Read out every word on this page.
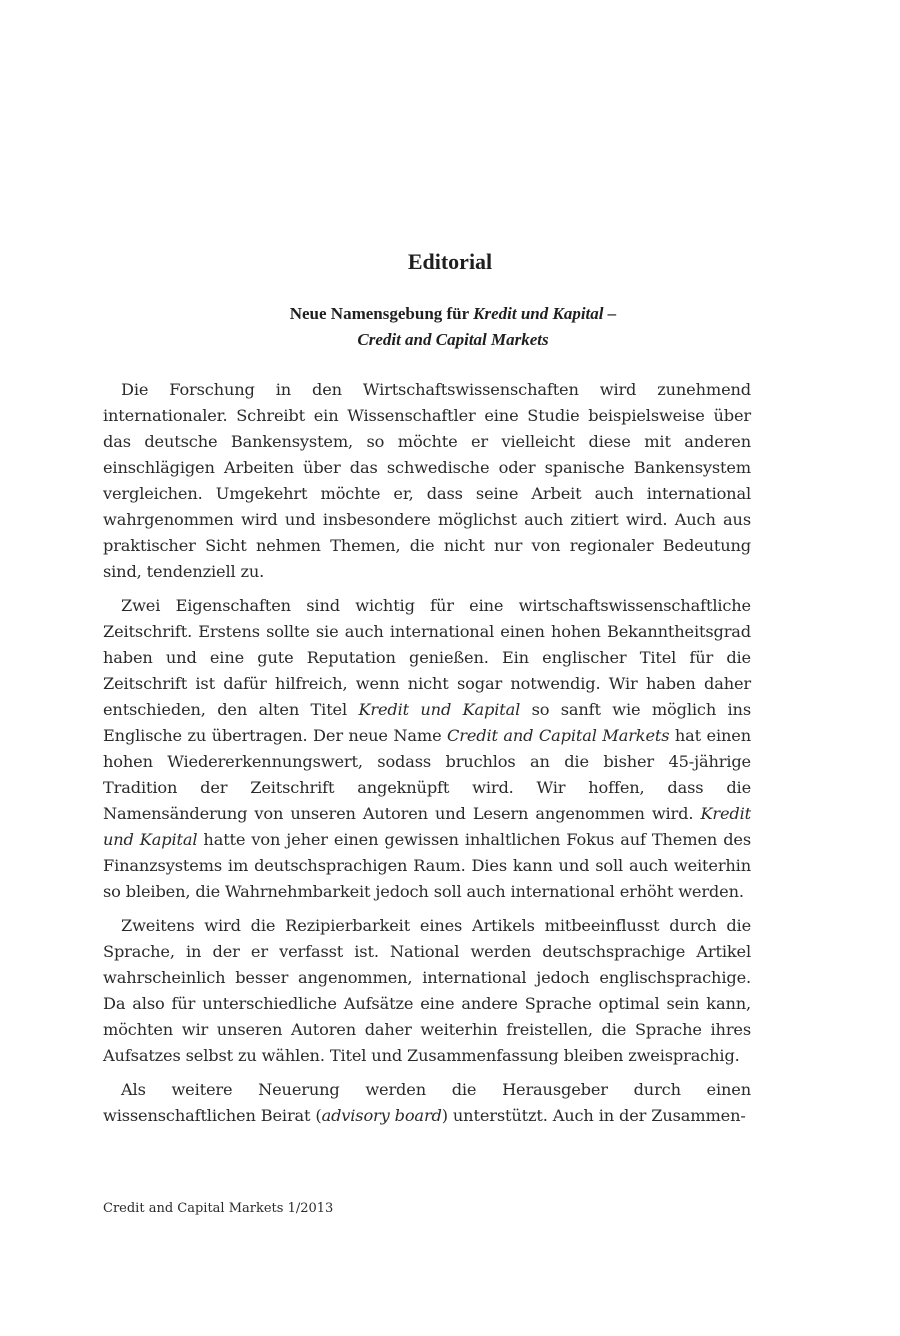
Editorial
Neue Namensgebung für Kredit und Kapital –
Credit and Capital Markets

Die Forschung in den Wirtschaftswissenschaften wird zunehmend internationaler. Schreibt ein Wissenschaftler eine Studie beispielsweise über das deutsche Bankensystem, so möchte er vielleicht diese mit anderen einschlägigen Arbeiten über das schwedische oder spanische Bankensystem vergleichen. Umgekehrt möchte er, dass seine Arbeit auch international wahrgenommen wird und insbesondere möglichst auch zitiert wird. Auch aus praktischer Sicht nehmen Themen, die nicht nur von regionaler Bedeutung sind, tendenziell zu.

Zwei Eigenschaften sind wichtig für eine wirtschaftswissenschaftliche Zeitschrift. Erstens sollte sie auch international einen hohen Bekanntheitsgrad haben und eine gute Reputation genießen. Ein englischer Titel für die Zeitschrift ist dafür hilfreich, wenn nicht sogar notwendig. Wir haben daher entschieden, den alten Titel Kredit und Kapital so sanft wie möglich ins Englische zu übertragen. Der neue Name Credit and Capital Markets hat einen hohen Wiedererkennungswert, sodass bruchlos an die bisher 45-jährige Tradition der Zeitschrift angeknüpft wird. Wir hoffen, dass die Namensänderung von unseren Autoren und Lesern angenommen wird. Kredit und Kapital hatte von jeher einen gewissen inhaltlichen Fokus auf Themen des Finanzsystems im deutschsprachigen Raum. Dies kann und soll auch weiterhin so bleiben, die Wahrnehmbarkeit jedoch soll auch international erhöht werden.

Zweitens wird die Rezipierbarkeit eines Artikels mitbeeinflusst durch die Sprache, in der er verfasst ist. National werden deutschsprachige Artikel wahrscheinlich besser angenommen, international jedoch englischsprachige. Da also für unterschiedliche Aufsätze eine andere Sprache optimal sein kann, möchten wir unseren Autoren daher weiterhin freistellen, die Sprache ihres Aufsatzes selbst zu wählen. Titel und Zusammenfassung bleiben zweisprachig.

Als weitere Neuerung werden die Herausgeber durch einen wissenschaftlichen Beirat (advisory board) unterstützt. Auch in der Zusammen-

Credit and Capital Markets 1/2013
